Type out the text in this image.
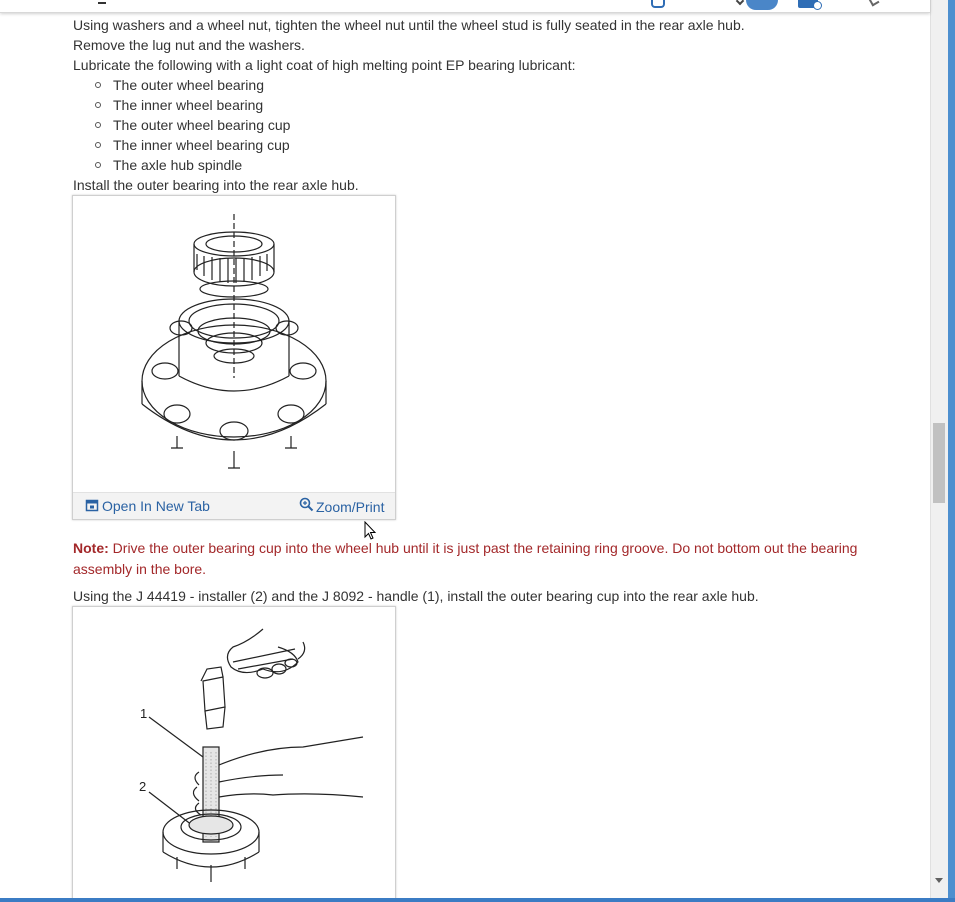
Using washers and a wheel nut, tighten the wheel nut until the wheel stud is fully seated in the rear axle hub.
Remove the lug nut and the washers.
Lubricate the following with a light coat of high melting point EP bearing lubricant:
The outer wheel bearing
The inner wheel bearing
The outer wheel bearing cup
The inner wheel bearing cup
The axle hub spindle
Install the outer bearing into the rear axle hub.
Open In New Tab	Zoom/Print
Note: Drive the outer bearing cup into the wheel hub until it is just past the retaining ring groove. Do not bottom out the bearing assembly in the bore.
Using the J 44419 - installer (2) and the J 8092 - handle (1), install the outer bearing cup into the rear axle hub.
1
2
